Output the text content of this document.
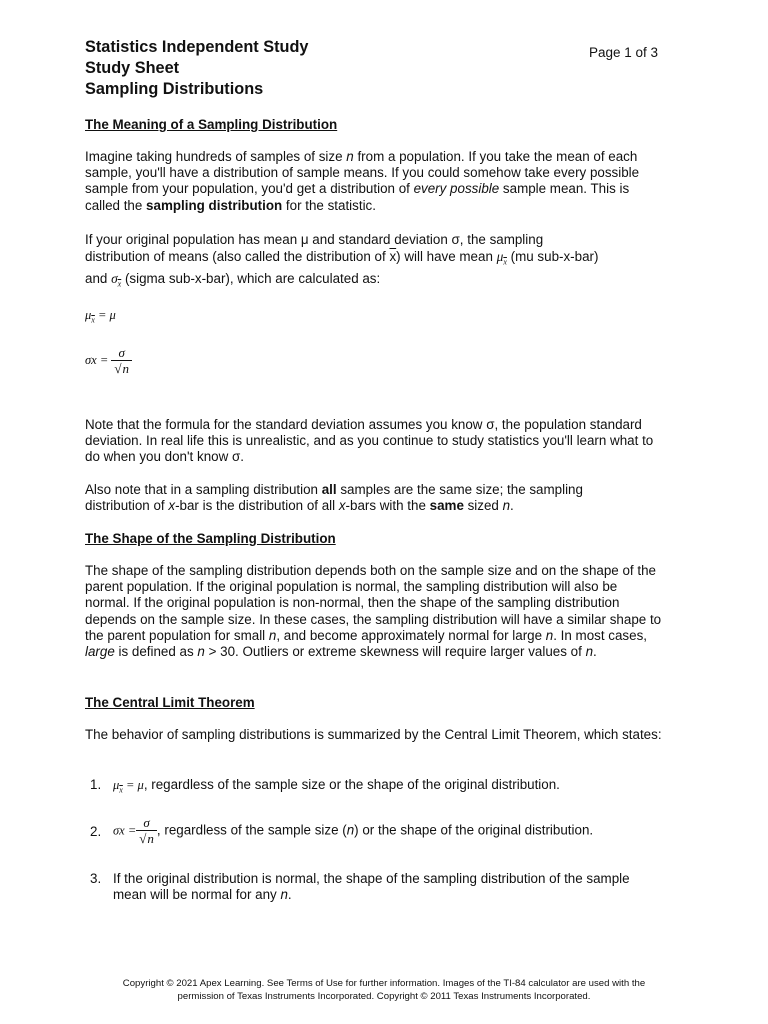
Statistics Independent Study
Study Sheet
Sampling Distributions
Page 1 of 3
The Meaning of a Sampling Distribution
Imagine taking hundreds of samples of size n from a population. If you take the mean of each sample, you'll have a distribution of sample means. If you could somehow take every possible sample from your population, you'd get a distribution of every possible sample mean. This is called the sampling distribution for the statistic.
If your original population has mean μ and standard deviation σ, the sampling distribution of means (also called the distribution of $\overline{x}$) will have mean $\mu_{\overline{x}}$ (mu sub-x-bar) and $\sigma_{\overline{x}}$ (sigma sub-x-bar), which are calculated as:
$\mu_{\overline{x}} = \mu$
$\sigma x = \frac{\sigma}{√n}$
Note that the formula for the standard deviation assumes you know σ, the population standard deviation. In real life this is unrealistic, and as you continue to study statistics you'll learn what to do when you don't know σ.
Also note that in a sampling distribution all samples are the same size; the sampling distribution of x-bar is the distribution of all x-bars with the same sized n.
The Shape of the Sampling Distribution
The shape of the sampling distribution depends both on the sample size and on the shape of the parent population. If the original population is normal, the sampling distribution will also be normal. If the original population is non-normal, then the shape of the sampling distribution depends on the sample size. In these cases, the sampling distribution will have a similar shape to the parent population for small n, and become approximately normal for large n. In most cases, large is defined as n > 30. Outliers or extreme skewness will require larger values of n.
The Central Limit Theorem
The behavior of sampling distributions is summarized by the Central Limit Theorem, which states:
1. $\mu_{\overline{x}} = \mu$, regardless of the sample size or the shape of the original distribution.
2. $\sigma x = \frac{\sigma}{√n}$ , regardless of the sample size (n) or the shape of the original distribution.
3. If the original distribution is normal, the shape of the sampling distribution of the sample mean will be normal for any n.
Copyright © 2021 Apex Learning. See Terms of Use for further information. Images of the TI-84 calculator are used with the
permission of Texas Instruments Incorporated. Copyright © 2011 Texas Instruments Incorporated.
